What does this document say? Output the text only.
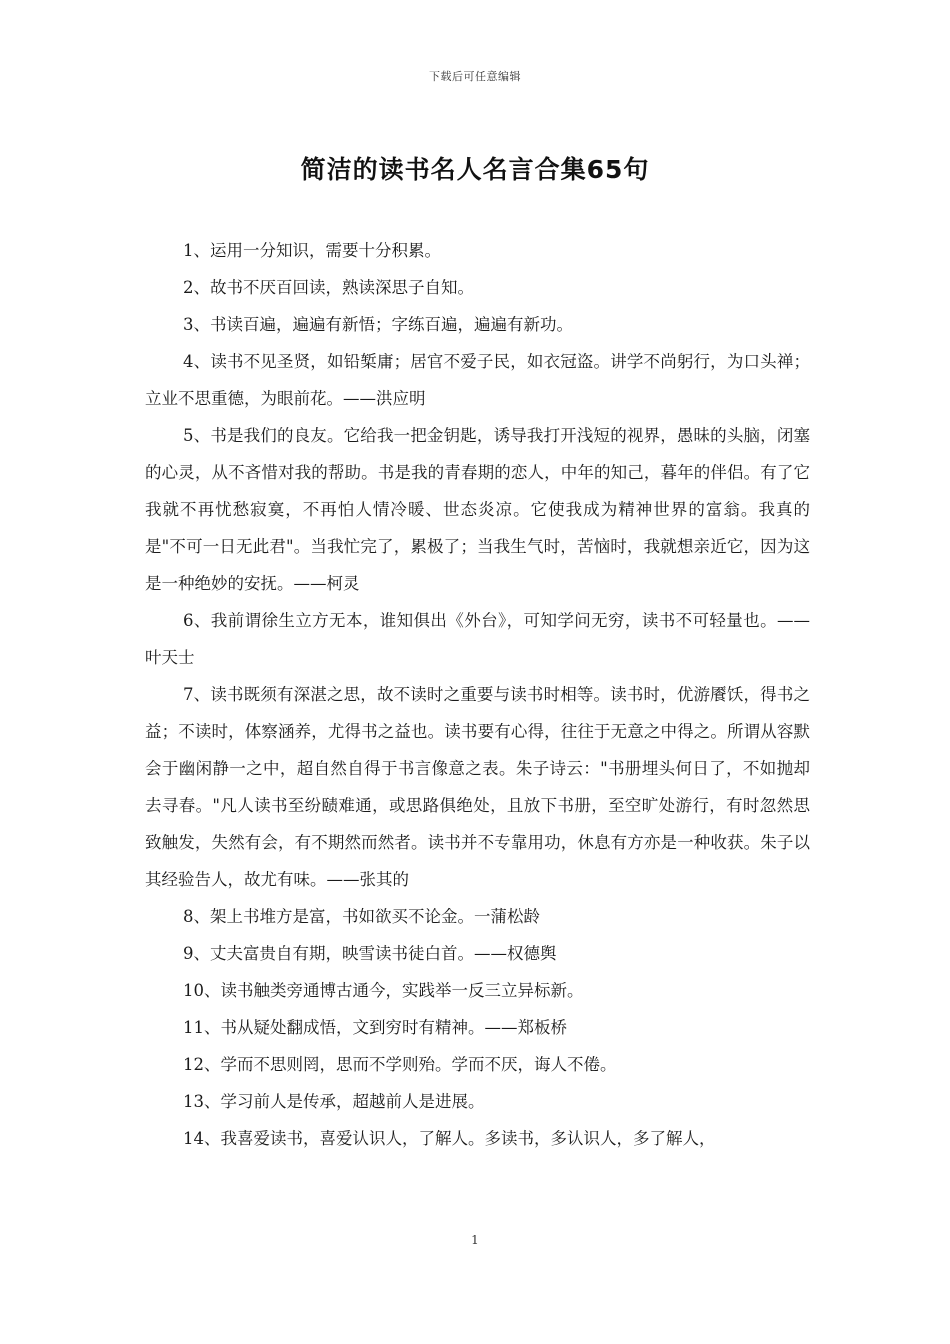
下载后可任意编辑
简洁的读书名人名言合集65句

1、运用一分知识，需要十分积累。

2、故书不厌百回读，熟读深思子自知。

3、书读百遍，遍遍有新悟；字练百遍，遍遍有新功。

4、读书不见圣贤，如铅椠庸；居官不爱子民，如衣冠盗。讲学不尚躬行，为口头禅；立业不思重德，为眼前花。——洪应明

5、书是我们的良友。它给我一把金钥匙，诱导我打开浅短的视界，愚昧的头脑，闭塞的心灵，从不吝惜对我的帮助。书是我的青春期的恋人，中年的知己，暮年的伴侣。有了它我就不再忧愁寂寞，不再怕人情冷暖、世态炎凉。它使我成为精神世界的富翁。我真的是"不可一日无此君"。当我忙完了，累极了；当我生气时，苦恼时，我就想亲近它，因为这是一种绝妙的安抚。——柯灵

6、我前谓徐生立方无本，谁知俱出《外台》，可知学问无穷，读书不可轻量也。——叶天士

7、读书既须有深湛之思，故不读时之重要与读书时相等。读书时，优游餍饫，得书之益；不读时，体察涵养，尤得书之益也。读书要有心得，往往于无意之中得之。所谓从容默会于幽闲静一之中，超自然自得于书言像意之表。朱子诗云："书册埋头何日了，不如抛却去寻春。"凡人读书至纷赜难通，或思路俱绝处，且放下书册，至空旷处游行，有时忽然思致触发，失然有会，有不期然而然者。读书并不专靠用功，休息有方亦是一种收获。朱子以其经验告人，故尤有味。——张其的

8、架上书堆方是富，书如欲买不论金。一蒲松龄

9、丈夫富贵自有期，映雪读书徒白首。——权德舆

10、读书触类旁通博古通今，实践举一反三立异标新。

11、书从疑处翻成悟，文到穷时有精神。——郑板桥

12、学而不思则罔，思而不学则殆。学而不厌，诲人不倦。

13、学习前人是传承，超越前人是进展。

14、我喜爱读书，喜爱认识人，了解人。多读书，多认识人，多了解人，

1
